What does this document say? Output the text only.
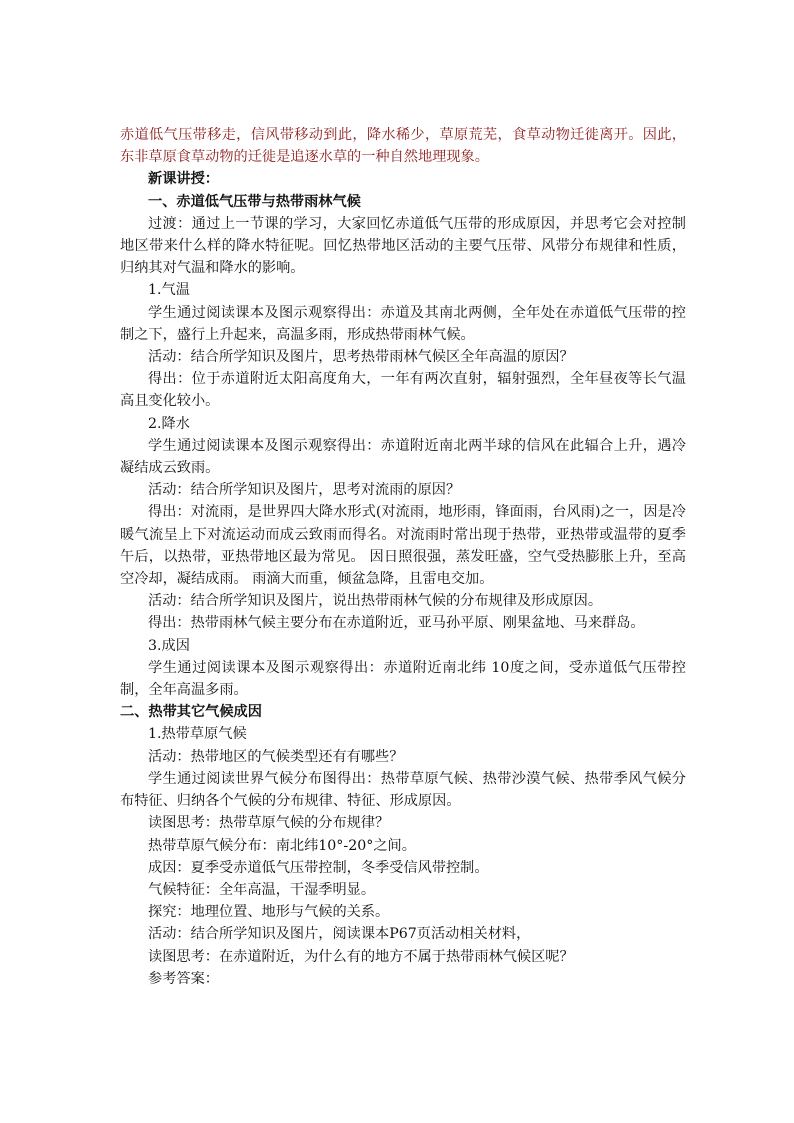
赤道低气压带移走，信风带移动到此，降水稀少，草原荒芜，食草动物迁徙离开。因此，东非草原食草动物的迁徙是追逐水草的一种自然地理现象。

新课讲授：

一、赤道低气压带与热带雨林气候

过渡：通过上一节课的学习，大家回忆赤道低气压带的形成原因，并思考它会对控制地区带来什么样的降水特征呢。回忆热带地区活动的主要气压带、风带分布规律和性质，归纳其对气温和降水的影响。

1.气温

学生通过阅读课本及图示观察得出：赤道及其南北两侧，全年处在赤道低气压带的控制之下，盛行上升起来，高温多雨，形成热带雨林气候。

活动：结合所学知识及图片，思考热带雨林气候区全年高温的原因？

得出：位于赤道附近太阳高度角大，一年有两次直射，辐射强烈，全年昼夜等长气温高且变化较小。

2.降水

学生通过阅读课本及图示观察得出：赤道附近南北两半球的信风在此辐合上升，遇冷凝结成云致雨。

活动：结合所学知识及图片，思考对流雨的原因？

得出：对流雨，是世界四大降水形式(对流雨，地形雨，锋面雨，台风雨)之一，因是冷暖气流呈上下对流运动而成云致雨而得名。对流雨时常出现于热带，亚热带或温带的夏季午后，以热带，亚热带地区最为常见。 因日照很强，蒸发旺盛，空气受热膨胀上升，至高空冷却，凝结成雨。 雨滴大而重，倾盆急降，且雷电交加。

活动：结合所学知识及图片，说出热带雨林气候的分布规律及形成原因。

得出：热带雨林气候主要分布在赤道附近，亚马孙平原、刚果盆地、马来群岛。

3.成因

学生通过阅读课本及图示观察得出：赤道附近南北纬 10度之间，受赤道低气压带控制，全年高温多雨。

二、热带其它气候成因

1.热带草原气候

活动：热带地区的气候类型还有有哪些？

学生通过阅读世界气候分布图得出：热带草原气候、热带沙漠气候、热带季风气候分布特征、归纳各个气候的分布规律、特征、形成原因。

读图思考：热带草原气候的分布规律？

热带草原气候分布：南北纬10°-20°之间。

成因：夏季受赤道低气压带控制，冬季受信风带控制。

气候特征：全年高温，干湿季明显。

探究：地理位置、地形与气候的关系。

活动：结合所学知识及图片，阅读课本P67页活动相关材料，

读图思考：在赤道附近，为什么有的地方不属于热带雨林气候区呢？

参考答案：
